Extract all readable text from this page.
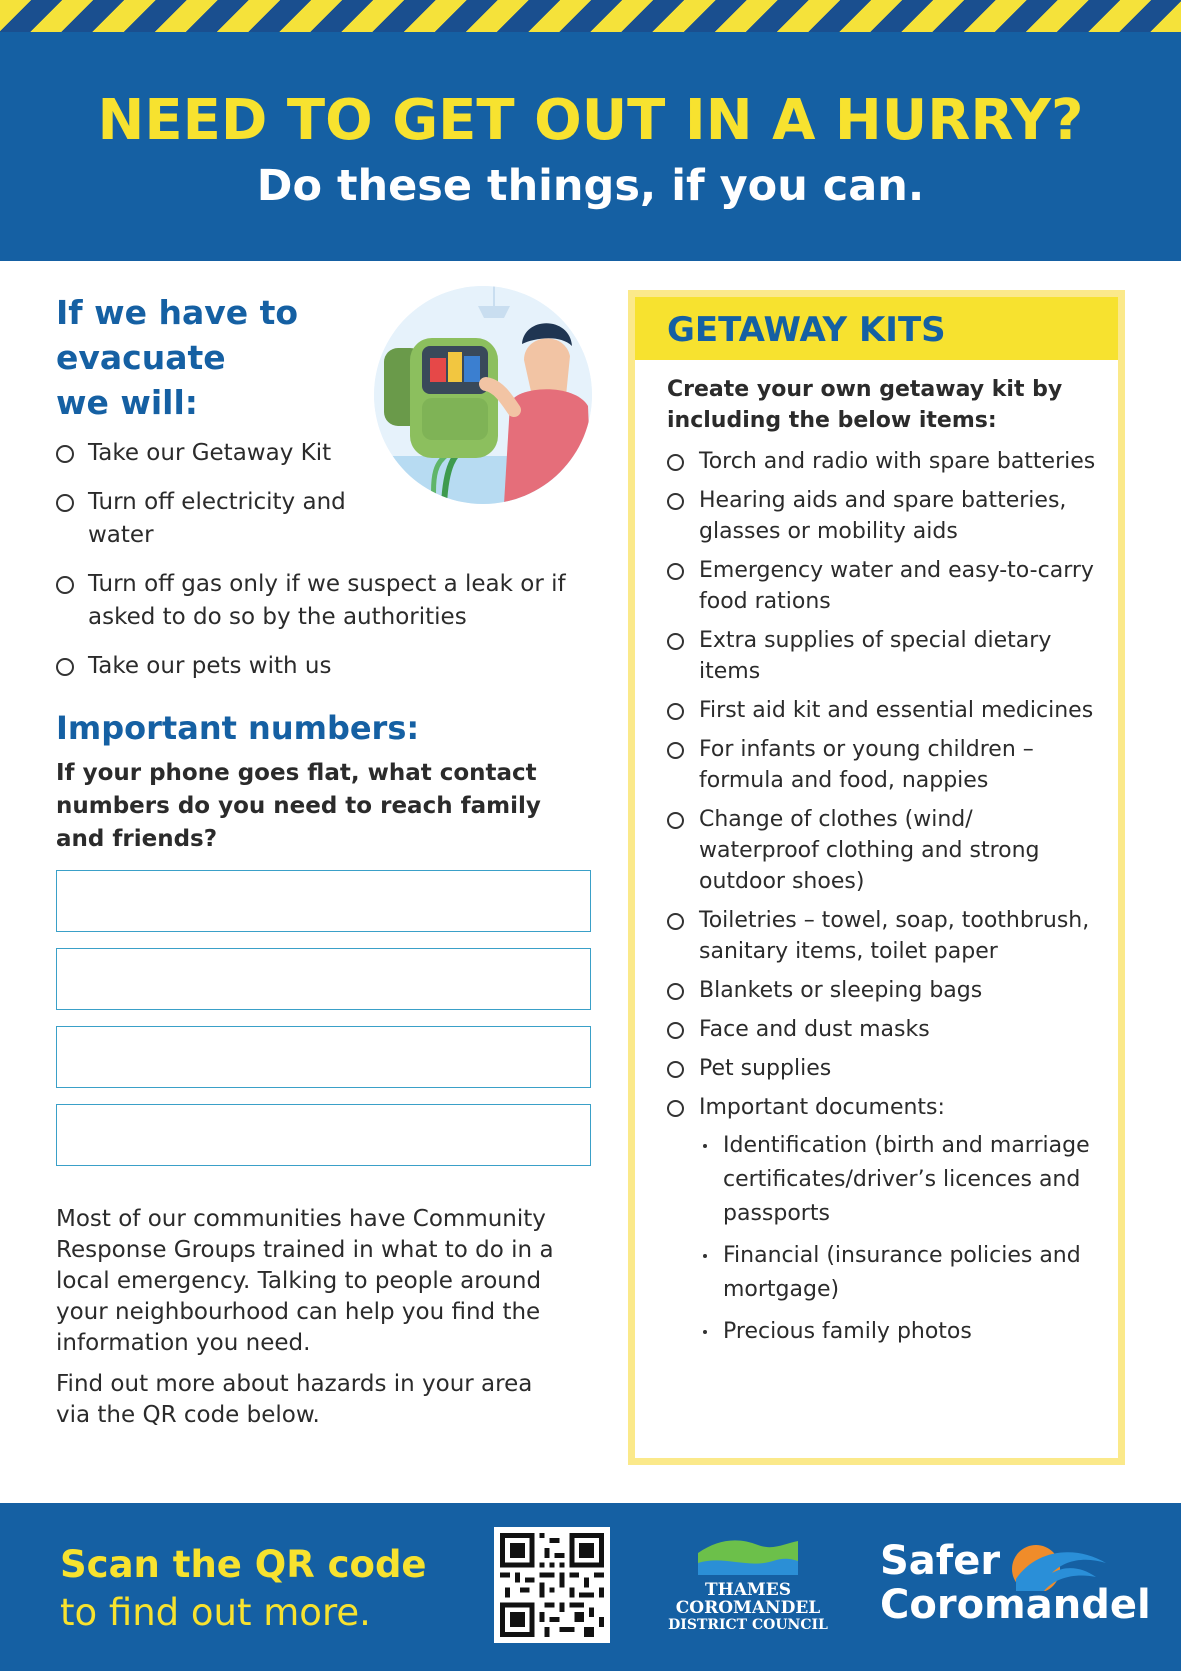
NEED TO GET OUT IN A HURRY?
Do these things, if you can.
If we have to
evacuate
we will:
Take our Getaway Kit
Turn off electricity and water
Turn off gas only if we suspect a leak or if asked to do so by the authorities
Take our pets with us
Important numbers:
If your phone goes flat, what contact numbers do you need to reach family and friends?

Most of our communities have Community Response Groups trained in what to do in a local emergency. Talking to people around your neighbourhood can help you find the information you need.

Find out more about hazards in your area via the QR code below.

GETAWAY KITS
Create your own getaway kit by including the below items:
Torch and radio with spare batteries
Hearing aids and spare batteries, glasses or mobility aids
Emergency water and easy-to-carry food rations
Extra supplies of special dietary items
First aid kit and essential medicines
For infants or young children – formula and food, nappies
Change of clothes (wind/ waterproof clothing and strong outdoor shoes)
Toiletries – towel, soap, toothbrush, sanitary items, toilet paper
Blankets or sleeping bags
Face and dust masks
Pet supplies
Important documents:
Identification (birth and marriage certificates/driver’s licences and passports
Financial (insurance policies and mortgage)
Precious family photos
Scan the QR code
to find out more.
THAMES
COROMANDEL
DISTRICT COUNCIL
Safer
Coromandel
